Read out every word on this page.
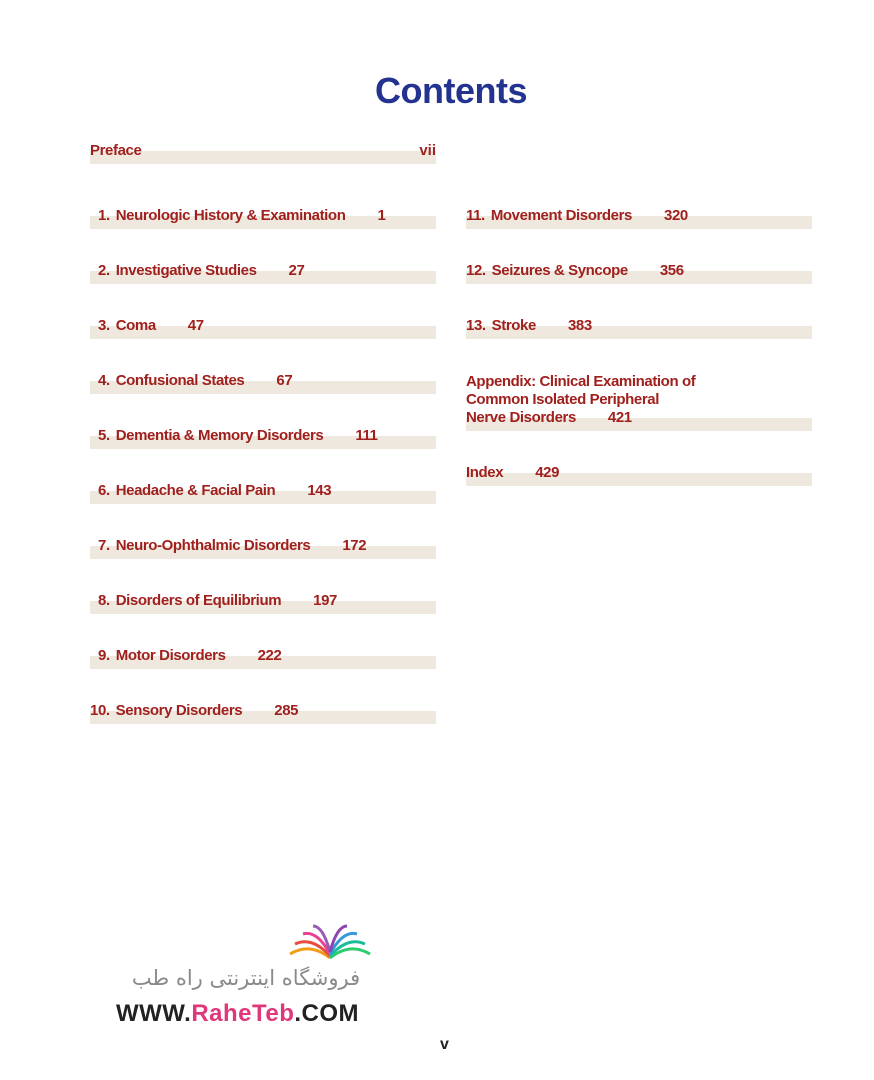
Contents
Preface	vii
1. Neurologic History & Examination 1
2. Investigative Studies 27
3. Coma 47
4. Confusional States 67
5. Dementia & Memory Disorders 111
6. Headache & Facial Pain 143
7. Neuro-Ophthalmic Disorders 172
8. Disorders of Equilibrium 197
9. Motor Disorders 222
10. Sensory Disorders 285
11. Movement Disorders 320
12. Seizures & Syncope 356
13. Stroke 383
Appendix: Clinical Examination of
Common Isolated Peripheral
Nerve Disorders 421
Index 429
فروشگاه اینترنتی راه طب
WWW.RaheTeb.COM
v
